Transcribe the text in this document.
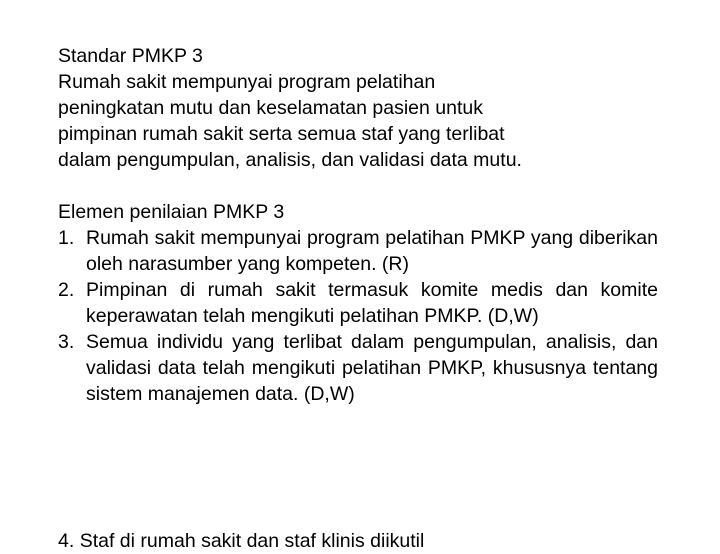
Standar PMKP 3

Rumah sakit mempunyai program pelatihan

peningkatan mutu dan keselamatan pasien untuk

pimpinan rumah sakit serta semua staf yang terlibat

dalam pengumpulan, analisis, dan validasi data mutu.

Elemen penilaian PMKP 3

1. Rumah sakit mempunyai program pelatihan PMKP yang diberikan oleh narasumber yang kompeten. (R)
2. Pimpinan di rumah sakit termasuk komite medis dan komite keperawatan telah mengikuti pelatihan PMKP. (D,W)
3. Semua individu yang terlibat dalam pengumpulan, analisis, dan validasi data telah mengikuti pelatihan PMKP, khususnya tentang sistem manajemen data. (D,W)
4. Staf di rumah sakit dan staf klinis diikutil
